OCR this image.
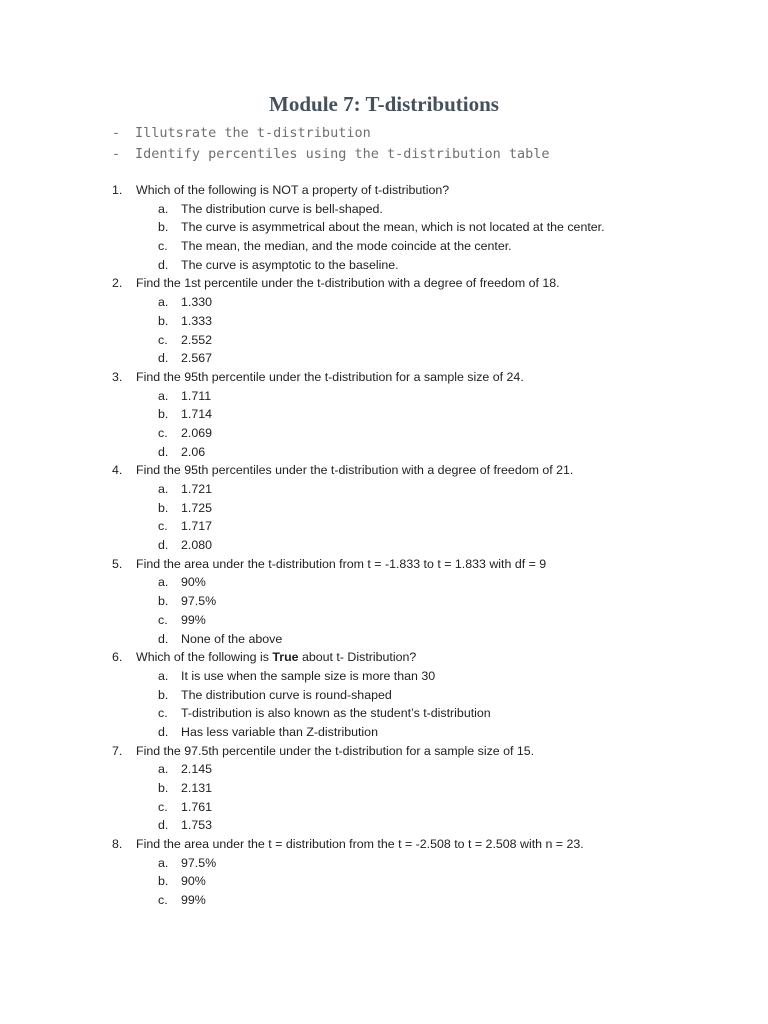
Module 7: T-distributions
- Illutsrate the t-distribution
- Identify percentiles using the t-distribution table
1. Which of the following is NOT a property of t-distribution?
a. The distribution curve is bell-shaped.
b. The curve is asymmetrical about the mean, which is not located at the center.
c. The mean, the median, and the mode coincide at the center.
d. The curve is asymptotic to the baseline.
2. Find the 1st percentile under the t-distribution with a degree of freedom of 18.
a. 1.330
b. 1.333
c. 2.552
d. 2.567
3. Find the 95th percentile under the t-distribution for a sample size of 24.
a. 1.711
b. 1.714
c. 2.069
d. 2.06
4. Find the 95th percentiles under the t-distribution with a degree of freedom of 21.
a. 1.721
b. 1.725
c. 1.717
d. 2.080
5. Find the area under the t-distribution from t = -1.833 to t = 1.833 with df = 9
a. 90%
b. 97.5%
c. 99%
d. None of the above
6. Which of the following is True about t- Distribution?
a. It is use when the sample size is more than 30
b. The distribution curve is round-shaped
c. T-distribution is also known as the student’s t-distribution
d. Has less variable than Z-distribution
7. Find the 97.5th percentile under the t-distribution for a sample size of 15.
a. 2.145
b. 2.131
c. 1.761
d. 1.753
8. Find the area under the t = distribution from the t = -2.508 to t = 2.508 with n = 23.
a. 97.5%
b. 90%
c. 99%
